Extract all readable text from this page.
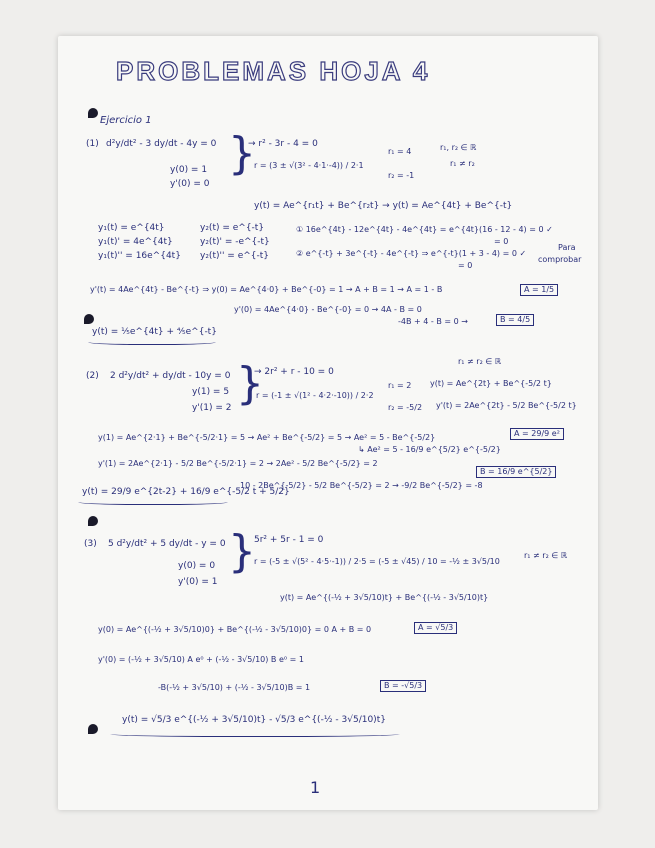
PROBLEMAS HOJA 4
Ejercicio 1
(1) d²y/dt² - 3 dy/dt - 4y = 0
y(0) = 1
y'(0) = 0
}
→ r² - 3r - 4 = 0
r = (3 ± √(3² - 4·1·-4)) / 2·1
r₁ = 4
r₂ = -1
r₁, r₂ ∈ ℝ
r₁ ≠ r₂
y(t) = Ae^{r₁t} + Be^{r₂t} → y(t) = Ae^{4t} + Be^{-t}
y₁(t) = e^{4t}
y₁(t)' = 4e^{4t}
y₁(t)'' = 16e^{4t}
y₂(t) = e^{-t}
y₂(t)' = -e^{-t}
y₂(t)'' = e^{-t}
① 16e^{4t} - 12e^{4t} - 4e^{4t} = e^{4t}(16 - 12 - 4) = 0 ✓
= 0
② e^{-t} + 3e^{-t} - 4e^{-t} ⇒ e^{-t}(1 + 3 - 4) = 0 ✓
= 0
Para
comprobar
y'(t) = 4Ae^{4t} - Be^{-t} ⇒ y(0) = Ae^{4·0} + Be^{-0} = 1 → A + B = 1 → A = 1 - B	A = 1/5
y'(0) = 4Ae^{4·0} - Be^{-0} = 0 → 4A - B = 0
-4B + 4 - B = 0 →	B = 4/5
y(t) = ⅕e^{4t} + ⅘e^{-t}
(2) 2 d²y/dt² + dy/dt - 10y = 0
y(1) = 5
y'(1) = 2 }
→ 2r² + r - 10 = 0
r₁ ≠ r₂ ∈ ℝ
r = (-1 ± √(1² - 4·2·-10)) / 2·2
r₁ = 2
r₂ = -5/2
y(t) = Ae^{2t} + Be^{-5/2 t}
y'(t) = 2Ae^{2t} - 5/2 Be^{-5/2 t}
y(1) = Ae^{2·1} + Be^{-5/2·1} = 5 → Ae² + Be^{-5/2} = 5 → Ae² = 5 - Be^{-5/2}
↳ Ae² = 5 - 16/9 e^{5/2} e^{-5/2}
A = 29/9 e²
y'(1) = 2Ae^{2·1} - 5/2 Be^{-5/2·1} = 2 → 2Ae² - 5/2 Be^{-5/2} = 2
10 - 2Be^{-5/2} - 5/2 Be^{-5/2} = 2 → -9/2 Be^{-5/2} = -8
B = 16/9 e^{5/2}
y(t) = 29/9 e^{2t-2} + 16/9 e^{-5/2 t + 5/2}
(3) 5 d²y/dt² + 5 dy/dt - y = 0
y(0) = 0
y'(0) = 1
}
5r² + 5r - 1 = 0
r = (-5 ± √(5² - 4·5·-1)) / 2·5 = (-5 ± √45) / 10 = -½ ± 3√5/10
r₁ ≠ r₂ ∈ ℝ
y(t) = Ae^{(-½ + 3√5/10)t} + Be^{(-½ - 3√5/10)t}
y(0) = Ae^{(-½ + 3√5/10)0} + Be^{(-½ - 3√5/10)0} = 0 A + B = 0	A = √5/3
y'(0) = (-½ + 3√5/10) A e⁰ + (-½ - 3√5/10) B e⁰ = 1
-B(-½ + 3√5/10) + (-½ - 3√5/10)B = 1	B = -√5/3
y(t) = √5/3 e^{(-½ + 3√5/10)t} - √5/3 e^{(-½ - 3√5/10)t}
1
